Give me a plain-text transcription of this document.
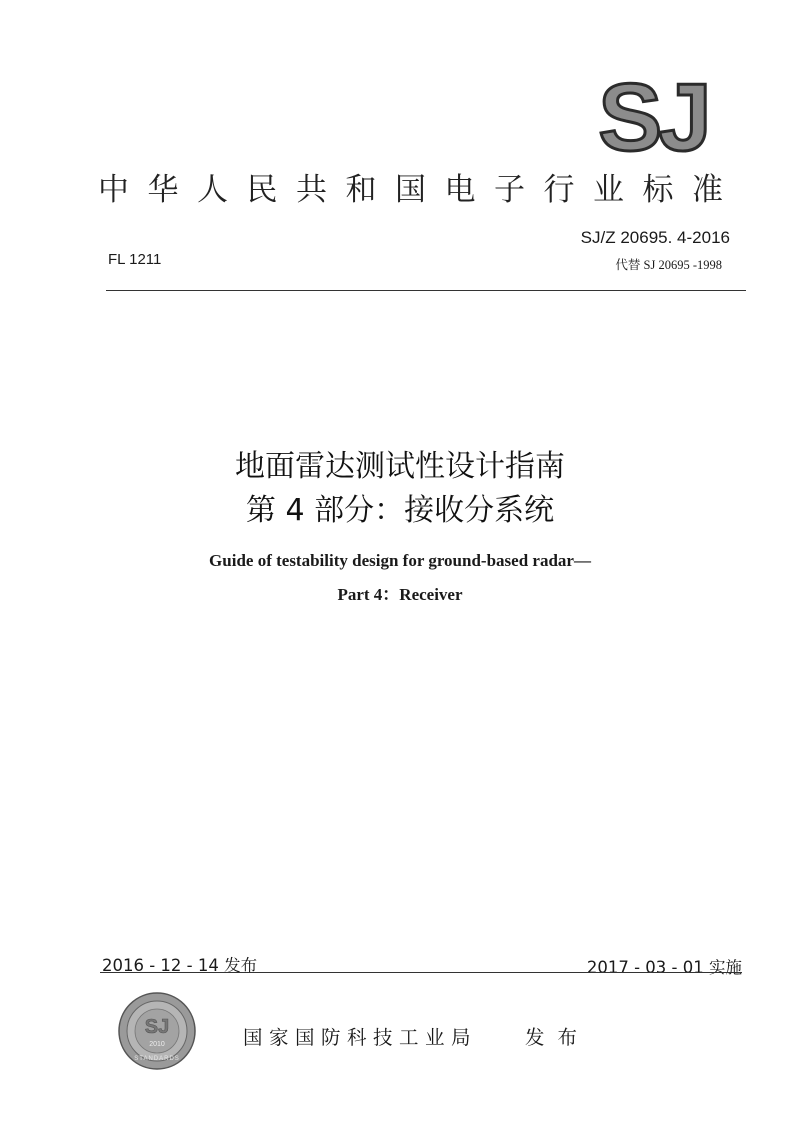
SJ
中华人民共和国电子行业标准
SJ/Z 20695. 4-2016
FL 1211	代替 SJ 20695 -1998
地面雷达测试性设计指南
第 4 部分：接收分系统
Guide of testability design for ground-based radar—
Part 4：Receiver
2016 - 12 - 14 发布	2017 - 03 - 01 实施
SJ
2010
STANDARDS
国家国防科技工业局 发布
